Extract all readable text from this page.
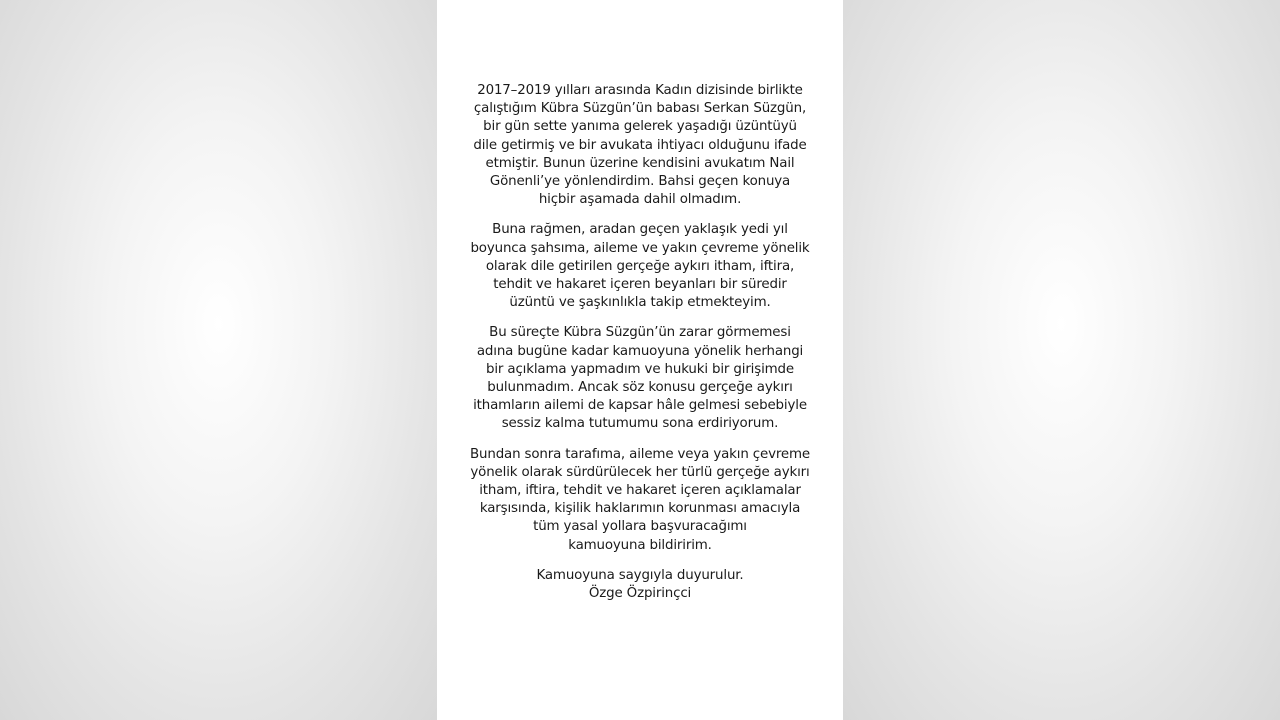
2017–2019 yılları arasında Kadın dizisinde birlikte
çalıştığım Kübra Süzgün’ün babası Serkan Süzgün,
bir gün sette yanıma gelerek yaşadığı üzüntüyü
dile getirmiş ve bir avukata ihtiyacı olduğunu ifade
etmiştir. Bunun üzerine kendisini avukatım Nail
Gönenli’ye yönlendirdim. Bahsi geçen konuya
hiçbir aşamada dahil olmadım.
Buna rağmen, aradan geçen yaklaşık yedi yıl
boyunca şahsıma, aileme ve yakın çevreme yönelik
olarak dile getirilen gerçeğe aykırı itham, iftira,
tehdit ve hakaret içeren beyanları bir süredir
üzüntü ve şaşkınlıkla takip etmekteyim.
Bu süreçte Kübra Süzgün’ün zarar görmemesi
adına bugüne kadar kamuoyuna yönelik herhangi
bir açıklama yapmadım ve hukuki bir girişimde
bulunmadım. Ancak söz konusu gerçeğe aykırı
ithamların ailemi de kapsar hâle gelmesi sebebiyle
sessiz kalma tutumumu sona erdiriyorum.
Bundan sonra tarafıma, aileme veya yakın çevreme
yönelik olarak sürdürülecek her türlü gerçeğe aykırı
itham, iftira, tehdit ve hakaret içeren açıklamalar
karşısında, kişilik haklarımın korunması amacıyla
tüm yasal yollara başvuracağımı
kamuoyuna bildiririm.
Kamuoyuna saygıyla duyurulur.
Özge Özpirinçci
